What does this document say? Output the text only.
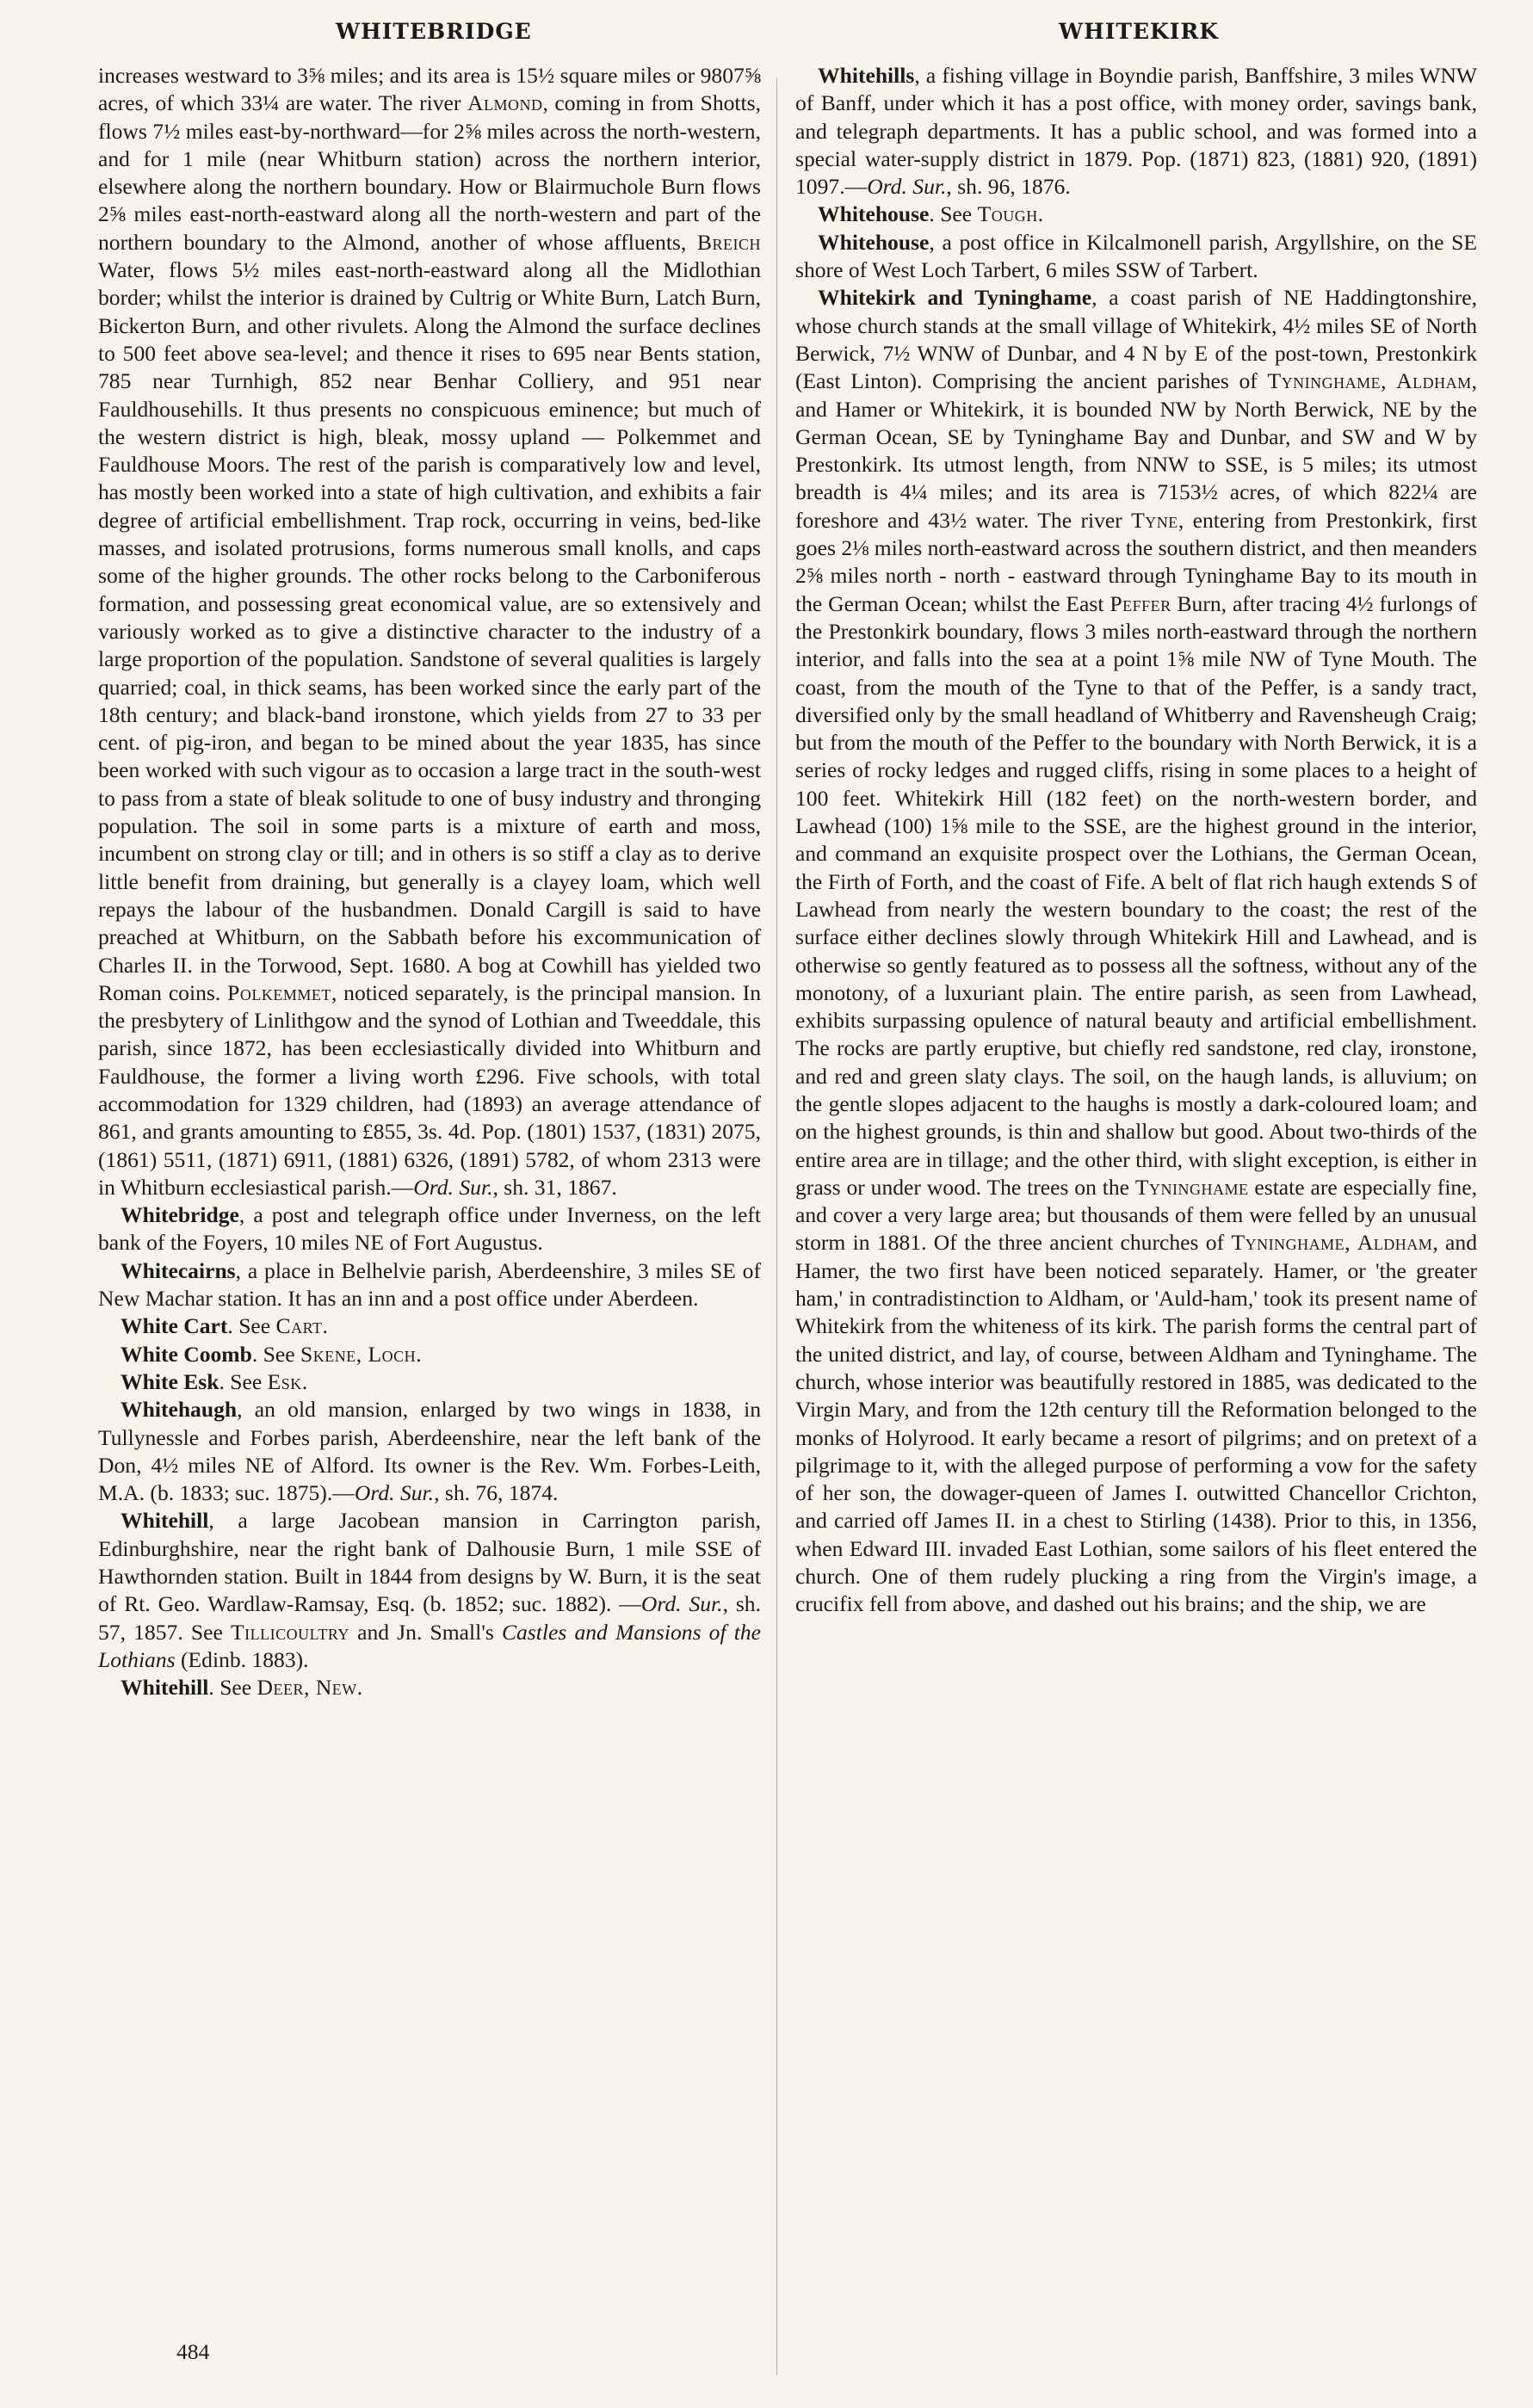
WHITEBRIDGE	WHITEKIRK

increases westward to 3⅝ miles; and its area is 15½ square miles or 9807⅝ acres, of which 33¼ are water. The river Almond, coming in from Shotts, flows 7½ miles east-by-northward—for 2⅝ miles across the north-western, and for 1 mile (near Whitburn station) across the northern interior, elsewhere along the northern boundary. How or Blairmuchole Burn flows 2⅝ miles east-north-eastward along all the north-western and part of the northern boundary to the Almond, another of whose affluents, Breich Water, flows 5½ miles east-north-eastward along all the Midlothian border; whilst the interior is drained by Cultrig or White Burn, Latch Burn, Bickerton Burn, and other rivulets. Along the Almond the surface declines to 500 feet above sea-level; and thence it rises to 695 near Bents station, 785 near Turnhigh, 852 near Benhar Colliery, and 951 near Fauldhousehills. It thus presents no conspicuous eminence; but much of the western district is high, bleak, mossy upland — Polkemmet and Fauldhouse Moors. The rest of the parish is comparatively low and level, has mostly been worked into a state of high cultivation, and exhibits a fair degree of artificial embellishment. Trap rock, occurring in veins, bed-like masses, and isolated protrusions, forms numerous small knolls, and caps some of the higher grounds. The other rocks belong to the Carboniferous formation, and possessing great economical value, are so extensively and variously worked as to give a distinctive character to the industry of a large proportion of the population. Sandstone of several qualities is largely quarried; coal, in thick seams, has been worked since the early part of the 18th century; and black-band ironstone, which yields from 27 to 33 per cent. of pig-iron, and began to be mined about the year 1835, has since been worked with such vigour as to occasion a large tract in the south-west to pass from a state of bleak solitude to one of busy industry and thronging population. The soil in some parts is a mixture of earth and moss, incumbent on strong clay or till; and in others is so stiff a clay as to derive little benefit from draining, but generally is a clayey loam, which well repays the labour of the husbandmen. Donald Cargill is said to have preached at Whitburn, on the Sabbath before his excommunication of Charles II. in the Torwood, Sept. 1680. A bog at Cowhill has yielded two Roman coins. Polkemmet, noticed separately, is the principal mansion. In the presbytery of Linlithgow and the synod of Lothian and Tweeddale, this parish, since 1872, has been ecclesiastically divided into Whitburn and Fauldhouse, the former a living worth £296. Five schools, with total accommodation for 1329 children, had (1893) an average attendance of 861, and grants amounting to £855, 3s. 4d. Pop. (1801) 1537, (1831) 2075, (1861) 5511, (1871) 6911, (1881) 6326, (1891) 5782, of whom 2313 were in Whitburn ecclesiastical parish.—Ord. Sur., sh. 31, 1867.

Whitebridge, a post and telegraph office under Inverness, on the left bank of the Foyers, 10 miles NE of Fort Augustus.

Whitecairns, a place in Belhelvie parish, Aberdeenshire, 3 miles SE of New Machar station. It has an inn and a post office under Aberdeen.

White Cart. See Cart.

White Coomb. See Skene, Loch.

White Esk. See Esk.

Whitehaugh, an old mansion, enlarged by two wings in 1838, in Tullynessle and Forbes parish, Aberdeenshire, near the left bank of the Don, 4½ miles NE of Alford. Its owner is the Rev. Wm. Forbes-Leith, M.A. (b. 1833; suc. 1875).—Ord. Sur., sh. 76, 1874.

Whitehill, a large Jacobean mansion in Carrington parish, Edinburghshire, near the right bank of Dalhousie Burn, 1 mile SSE of Hawthornden station. Built in 1844 from designs by W. Burn, it is the seat of Rt. Geo. Wardlaw-Ramsay, Esq. (b. 1852; suc. 1882). —Ord. Sur., sh. 57, 1857. See Tillicoultry and Jn. Small's Castles and Mansions of the Lothians (Edinb. 1883).

Whitehill. See Deer, New.

484

Whitehills, a fishing village in Boyndie parish, Banffshire, 3 miles WNW of Banff, under which it has a post office, with money order, savings bank, and telegraph departments. It has a public school, and was formed into a special water-supply district in 1879. Pop. (1871) 823, (1881) 920, (1891) 1097.—Ord. Sur., sh. 96, 1876.

Whitehouse. See Tough.

Whitehouse, a post office in Kilcalmonell parish, Argyllshire, on the SE shore of West Loch Tarbert, 6 miles SSW of Tarbert.

Whitekirk and Tyninghame, a coast parish of NE Haddingtonshire, whose church stands at the small village of Whitekirk, 4½ miles SE of North Berwick, 7½ WNW of Dunbar, and 4 N by E of the post-town, Prestonkirk (East Linton). Comprising the ancient parishes of Tyninghame, Aldham, and Hamer or Whitekirk, it is bounded NW by North Berwick, NE by the German Ocean, SE by Tyninghame Bay and Dunbar, and SW and W by Prestonkirk. Its utmost length, from NNW to SSE, is 5 miles; its utmost breadth is 4¼ miles; and its area is 7153½ acres, of which 822¼ are foreshore and 43½ water. The river Tyne, entering from Prestonkirk, first goes 2⅛ miles north-eastward across the southern district, and then meanders 2⅝ miles north - north - eastward through Tyninghame Bay to its mouth in the German Ocean; whilst the East Peffer Burn, after tracing 4½ furlongs of the Prestonkirk boundary, flows 3 miles north-eastward through the northern interior, and falls into the sea at a point 1⅝ mile NW of Tyne Mouth. The coast, from the mouth of the Tyne to that of the Peffer, is a sandy tract, diversified only by the small headland of Whitberry and Ravensheugh Craig; but from the mouth of the Peffer to the boundary with North Berwick, it is a series of rocky ledges and rugged cliffs, rising in some places to a height of 100 feet. Whitekirk Hill (182 feet) on the north-western border, and Lawhead (100) 1⅝ mile to the SSE, are the highest ground in the interior, and command an exquisite prospect over the Lothians, the German Ocean, the Firth of Forth, and the coast of Fife. A belt of flat rich haugh extends S of Lawhead from nearly the western boundary to the coast; the rest of the surface either declines slowly through Whitekirk Hill and Lawhead, and is otherwise so gently featured as to possess all the softness, without any of the monotony, of a luxuriant plain. The entire parish, as seen from Lawhead, exhibits surpassing opulence of natural beauty and artificial embellishment. The rocks are partly eruptive, but chiefly red sandstone, red clay, ironstone, and red and green slaty clays. The soil, on the haugh lands, is alluvium; on the gentle slopes adjacent to the haughs is mostly a dark-coloured loam; and on the highest grounds, is thin and shallow but good. About two-thirds of the entire area are in tillage; and the other third, with slight exception, is either in grass or under wood. The trees on the Tyninghame estate are especially fine, and cover a very large area; but thousands of them were felled by an unusual storm in 1881. Of the three ancient churches of Tyninghame, Aldham, and Hamer, the two first have been noticed separately. Hamer, or 'the greater ham,' in contradistinction to Aldham, or 'Auld-ham,' took its present name of Whitekirk from the whiteness of its kirk. The parish forms the central part of the united district, and lay, of course, between Aldham and Tyninghame. The church, whose interior was beautifully restored in 1885, was dedicated to the Virgin Mary, and from the 12th century till the Reformation belonged to the monks of Holyrood. It early became a resort of pilgrims; and on pretext of a pilgrimage to it, with the alleged purpose of performing a vow for the safety of her son, the dowager-queen of James I. outwitted Chancellor Crichton, and carried off James II. in a chest to Stirling (1438). Prior to this, in 1356, when Edward III. invaded East Lothian, some sailors of his fleet entered the church. One of them rudely plucking a ring from the Virgin's image, a crucifix fell from above, and dashed out his brains; and the ship, we are
